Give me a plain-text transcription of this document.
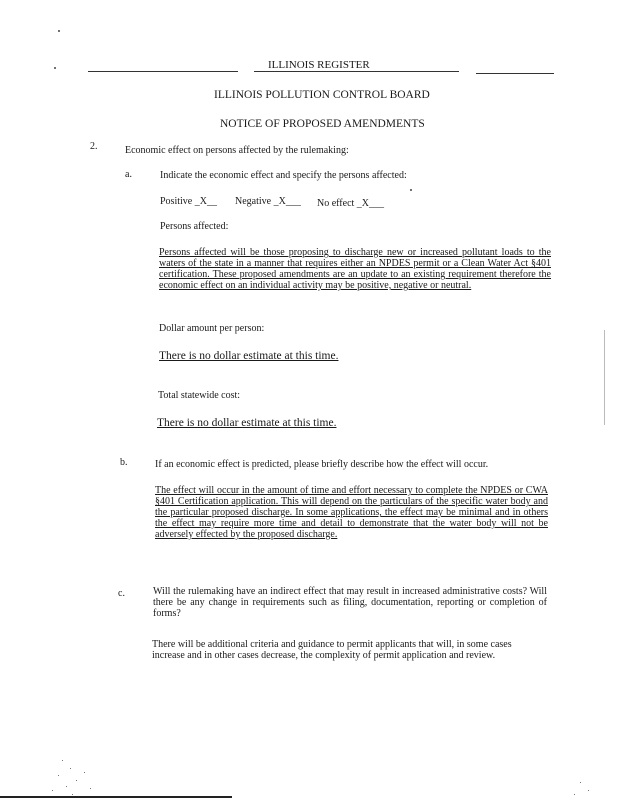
ILLINOIS REGISTER
ILLINOIS POLLUTION CONTROL BOARD
NOTICE OF PROPOSED AMENDMENTS
2.	Economic effect on persons affected by the rulemaking:
a.	Indicate the economic effect and specify the persons affected:
Positive _X__ Negative _X___ No effect _X___
Persons affected:
Persons affected will be those proposing to discharge new or increased pollutant loads to the waters of the state in a manner that requires either an NPDES permit or a Clean Water Act §401 certification. These proposed amendments are an update to an existing requirement therefore the economic effect on an individual activity may be positive, negative or neutral.
Dollar amount per person:
There is no dollar estimate at this time.
Total statewide cost:
There is no dollar estimate at this time.
b.	If an economic effect is predicted, please briefly describe how the effect will occur.
The effect will occur in the amount of time and effort necessary to complete the NPDES or CWA §401 Certification application. This will depend on the particulars of the specific water body and the particular proposed discharge. In some applications, the effect may be minimal and in others the effect may require more time and detail to demonstrate that the water body will not be adversely effected by the proposed discharge.
c.	Will the rulemaking have an indirect effect that may result in increased administrative costs? Will there be any change in requirements such as filing, documentation, reporting or completion of forms?
There will be additional criteria and guidance to permit applicants that will, in some cases increase and in other cases decrease, the complexity of permit application and review.
